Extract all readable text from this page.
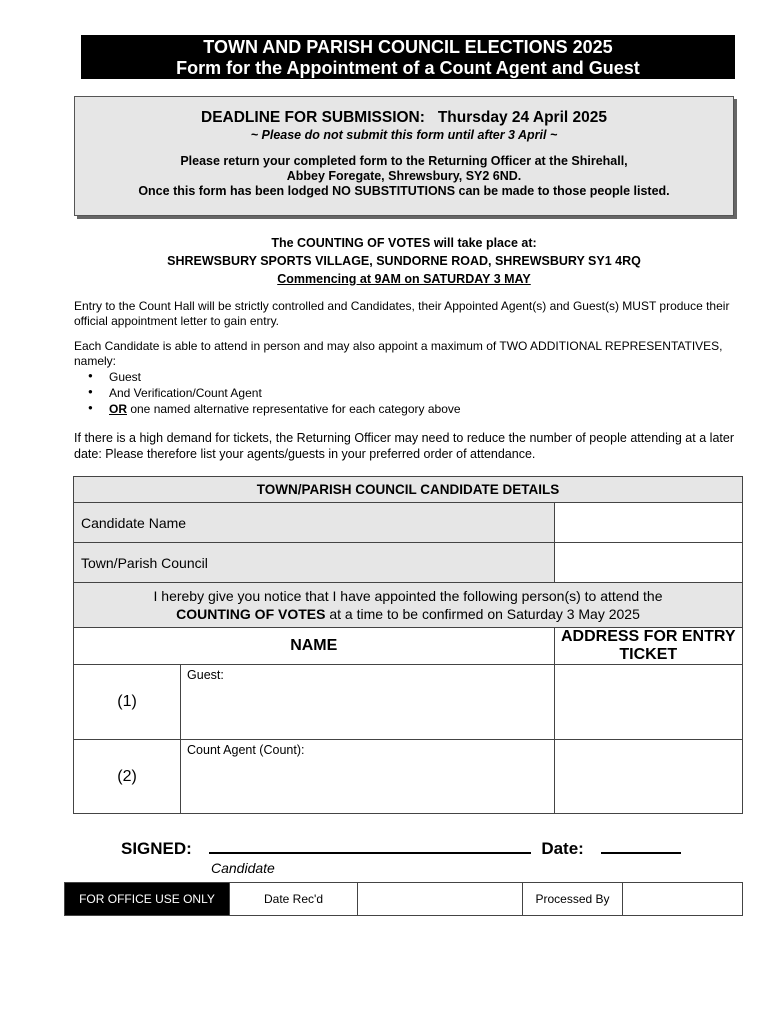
TOWN AND PARISH COUNCIL ELECTIONS 2025
Form for the Appointment of a Count Agent and Guest
DEADLINE FOR SUBMISSION:   Thursday 24 April 2025
~ Please do not submit this form until after 3 April ~
Please return your completed form to the Returning Officer at the Shirehall,
Abbey Foregate, Shrewsbury, SY2 6ND.
Once this form has been lodged NO SUBSTITUTIONS can be made to those people listed.
The COUNTING OF VOTES will take place at:
SHREWSBURY SPORTS VILLAGE, SUNDORNE ROAD, SHREWSBURY SY1 4RQ
Commencing at 9AM on SATURDAY 3 MAY
Entry to the Count Hall will be strictly controlled and Candidates, their Appointed Agent(s) and Guest(s) MUST produce their official appointment letter to gain entry.
Each Candidate is able to attend in person and may also appoint a maximum of TWO ADDITIONAL REPRESENTATIVES, namely:
● Guest
● And Verification/Count Agent
● OR one named alternative representative for each category above
If there is a high demand for tickets, the Returning Officer may need to reduce the number of people attending at a later date: Please therefore list your agents/guests in your preferred order of attendance.
TOWN/PARISH COUNCIL CANDIDATE DETAILS		
Candidate Name		
Town/Parish Council		

I hereby give you notice that I have appointed the following person(s) to attend the
COUNTING OF VOTES at a time to be confirmed on Saturday 3 May 2025		

NAME		ADDRESS FOR ENTRY TICKET
(1)	Guest:	
(2)	Count Agent (Count):	
SIGNED:	Date:
Candidate
FOR OFFICE USE ONLY	Date Rec'd		Processed By	
